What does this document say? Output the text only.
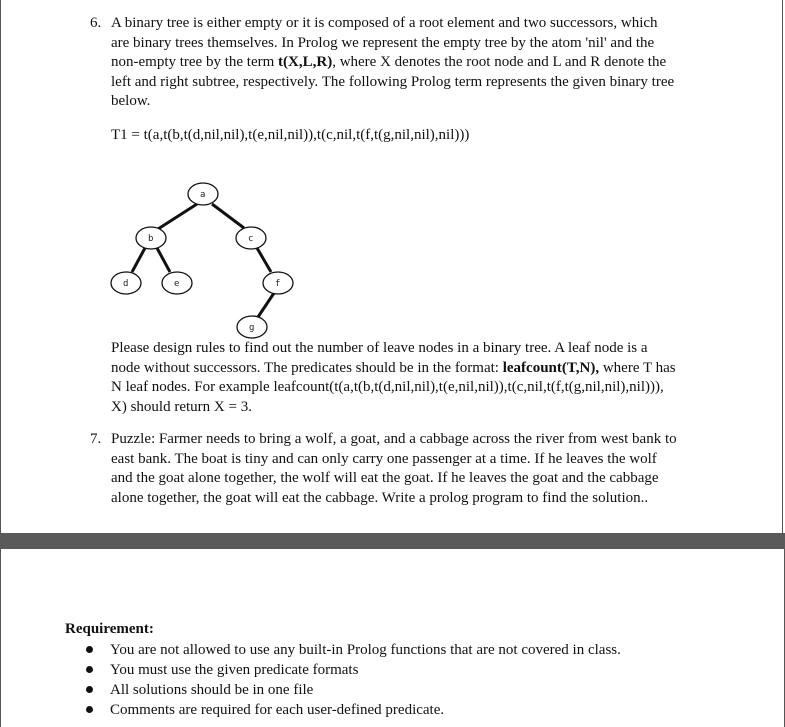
6. A binary tree is either empty or it is composed of a root element and two successors, which
are binary trees themselves. In Prolog we represent the empty tree by the atom 'nil' and the
non-empty tree by the term t(X,L,R), where X denotes the root node and L and R denote the
left and right subtree, respectively. The following Prolog term represents the given binary tree
below.
T1 = t(a,t(b,t(d,nil,nil),t(e,nil,nil)),t(c,nil,t(f,t(g,nil,nil),nil)))
a
b	c
d	e	f
g
Please design rules to find out the number of leave nodes in a binary tree. A leaf node is a
node without successors. The predicates should be in the format: leafcount(T,N), where T has
N leaf nodes. For example leafcount(t(a,t(b,t(d,nil,nil),t(e,nil,nil)),t(c,nil,t(f,t(g,nil,nil),nil))),
X) should return X = 3.
7. Puzzle: Farmer needs to bring a wolf, a goat, and a cabbage across the river from west bank to
east bank. The boat is tiny and can only carry one passenger at a time. If he leaves the wolf
and the goat alone together, the wolf will eat the goat. If he leaves the goat and the cabbage
alone together, the goat will eat the cabbage. Write a prolog program to find the solution..
Requirement:
You are not allowed to use any built-in Prolog functions that are not covered in class.
You must use the given predicate formats
All solutions should be in one file
Comments are required for each user-defined predicate.
